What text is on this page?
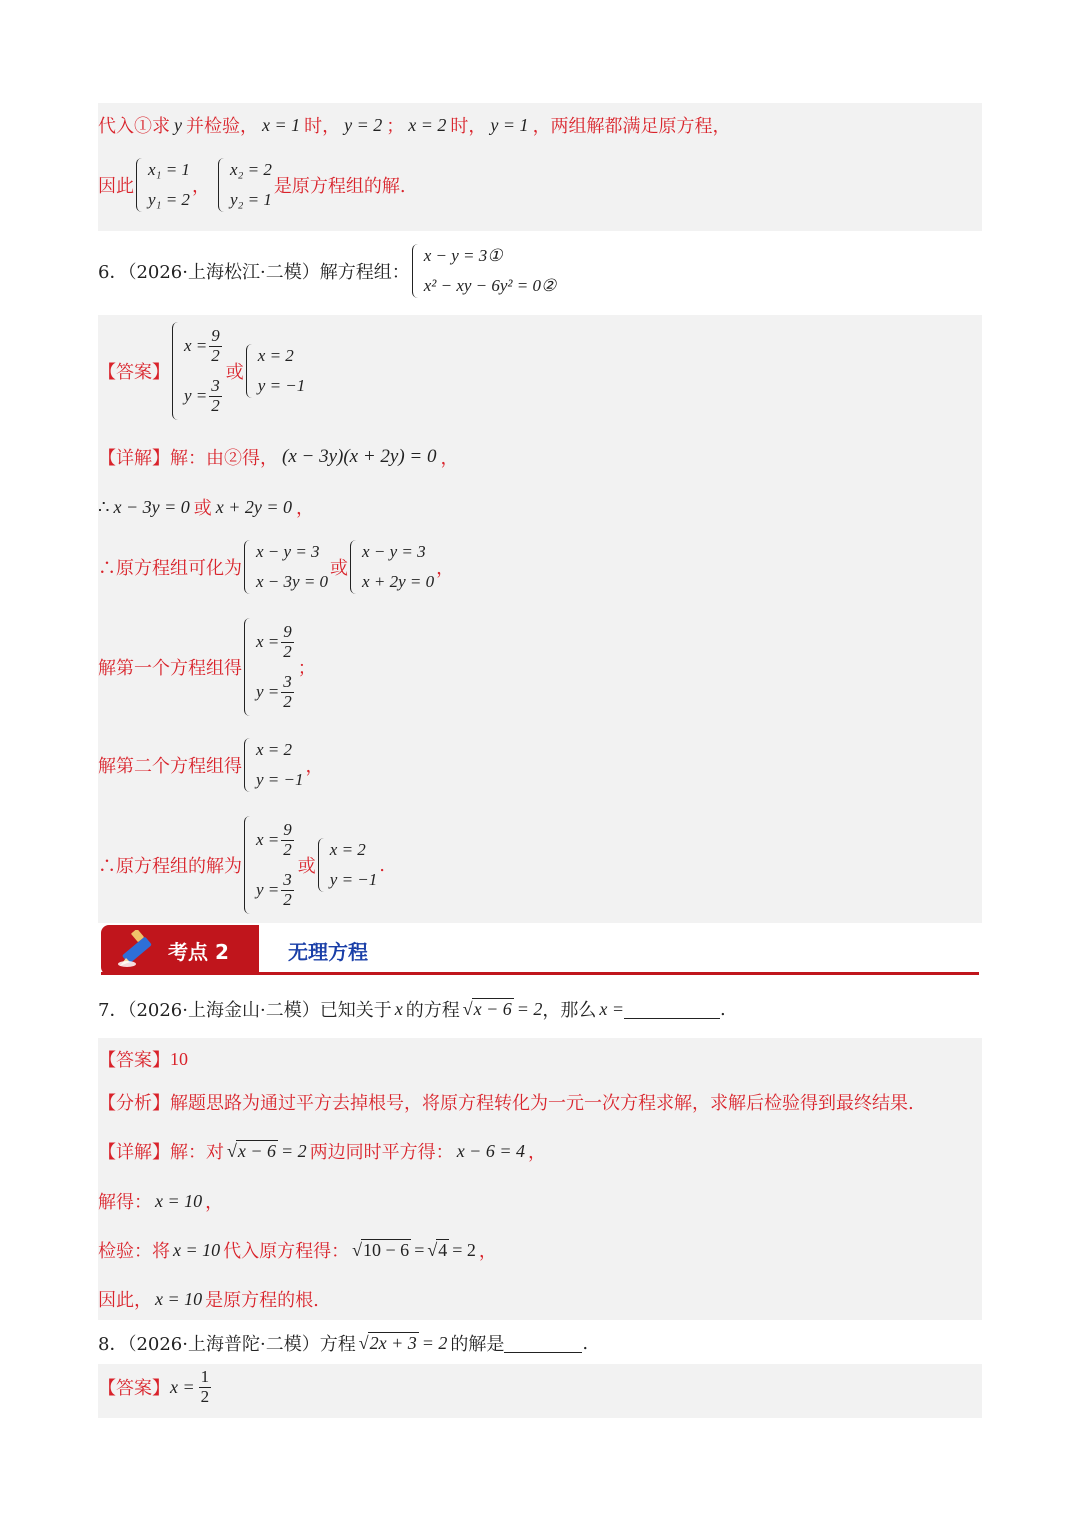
代入①求 y 并检验， x = 1 时， y = 2 ； x = 2 时， y = 1 ，两组解都满足原方程，
因此
x₁ = 1
y₁ = 2
，
x₂ = 2
y₂ = 1
是原方程组的解.
6．（2026·上海松江·二模）解方程组：
x − y = 3①
x² − xy − 6y² = 0②
【答案】
$x = \frac{9}{2}$
$y = \frac{3}{2}$
或
x = 2
y = −1
【详解】 解：由②得， (x − 3y)(x + 2y) = 0 ，
∴ x − 3y = 0 或 x + 2y = 0 ，
∴原方程组可化为
x − y = 3
x − 3y = 0
或
x − y = 3
x + 2y = 0
，
解第一个方程组得
$x = \frac{9}{2}$
$y = \frac{3}{2}$
；
解第二个方程组得
x = 2
y = −1
，
∴原方程组的解为
$x = \frac{9}{2}$
$y = \frac{3}{2}$
或
x = 2
y = −1
.
考点 2	无理方程
7．（2026·上海金山·二模）已知关于 x 的方程 √ x − 6 = 2 ，那么 x =	.
【答案】 10
【分析】 解题思路为通过平方去掉根号，将原方程转化为一元一次方程求解，求解后检验得到最终结果.
【详解】 解：对 √ x − 6 = 2 两边同时平方得： x − 6 = 4 ，
解得： x = 10 ，
检验：将 x = 10 代入原方程得： √ 10 − 6 = √ 4 = 2 ，
因此， x = 10 是原方程的根.
8．（2026·上海普陀·二模）方程 √ 2x + 3 = 2 的解是	.
【答案】 $x = \frac{1}{2}$
